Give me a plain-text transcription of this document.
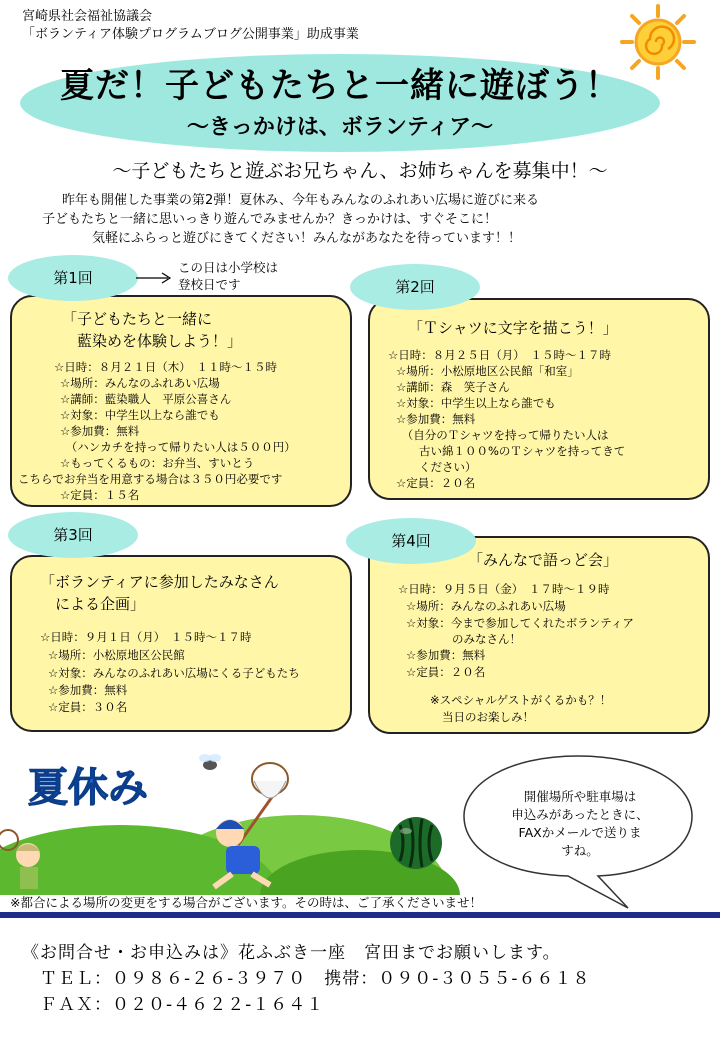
宮崎県社会福祉協議会
「ボランティア体験プログラムブログ公開事業」助成事業
夏だ！子どもたちと一緒に遊ぼう！
～きっかけは、ボランティア～
～子どもたちと遊ぶお兄ちゃん、お姉ちゃんを募集中！～
昨年も開催した事業の第2弾！夏休み、今年もみんなのふれあい広場に遊びに来る
子どもたちと一緒に思いっきり遊んでみませんか？きっかけは、すぐそこに！
気軽にふらっと遊びにきてください！みんながあなたを待っています！！
第1回
この日は小学校は
登校日です
「子どもたちと一緒に
　藍染めを体験しよう！」
☆日時：８月２１日（木）　１１時～１５時
☆場所：みんなのふれあい広場
☆講師：藍染職人　平原公喜さん
☆対象：中学生以上なら誰でも
☆参加費：無料
　（ハンカチを持って帰りたい人は５００円）
☆もってくるもの：お弁当、すいとう
こちらでお弁当を用意する場合は３５０円必要です
☆定員：１５名
第2回
「Ｔシャツに文字を描こう！」
☆日時：８月２５日（月）　１５時～１７時
☆場所：小松原地区公民館「和室」
☆講師：森　笑子さん
☆対象：中学生以上なら誰でも
☆参加費：無料
　（自分のＴシャツを持って帰りたい人は
　　古い綿１００%のＴシャツを持ってきて
　　ください）
☆定員：２０名
第3回
「ボランティアに参加したみなさん
　による企画」
☆日時：９月１日（月）　１５時～１７時
☆場所：小松原地区公民館
☆対象：みんなのふれあい広場にくる子どもたち
☆参加費：無料
☆定員：３０名
第4回
「みんなで語っど会」
☆日時：９月５日（金）　１７時～１９時
☆場所：みんなのふれあい広場
☆対象：今まで参加してくれたボランティア
　　　　のみなさん！
☆参加費：無料
☆定員：２０名
※スペシャルゲストがくるかも？！
当日のお楽しみ！
夏休み	開催場所や駐車場は
申込みがあったときに、
FAXかメールで送りま
すね。
※都合による場所の変更をする場合がございます。その時は、ご了承くださいませ！
《お問合せ・お申込みは》花ふぶき一座　宮田までお願いします。
　ＴＥＬ：０９８６-２６-３９７０　携帯：０９０-３０５５-６６１８
　ＦＡＸ：０２０-４６２２-１６４１
